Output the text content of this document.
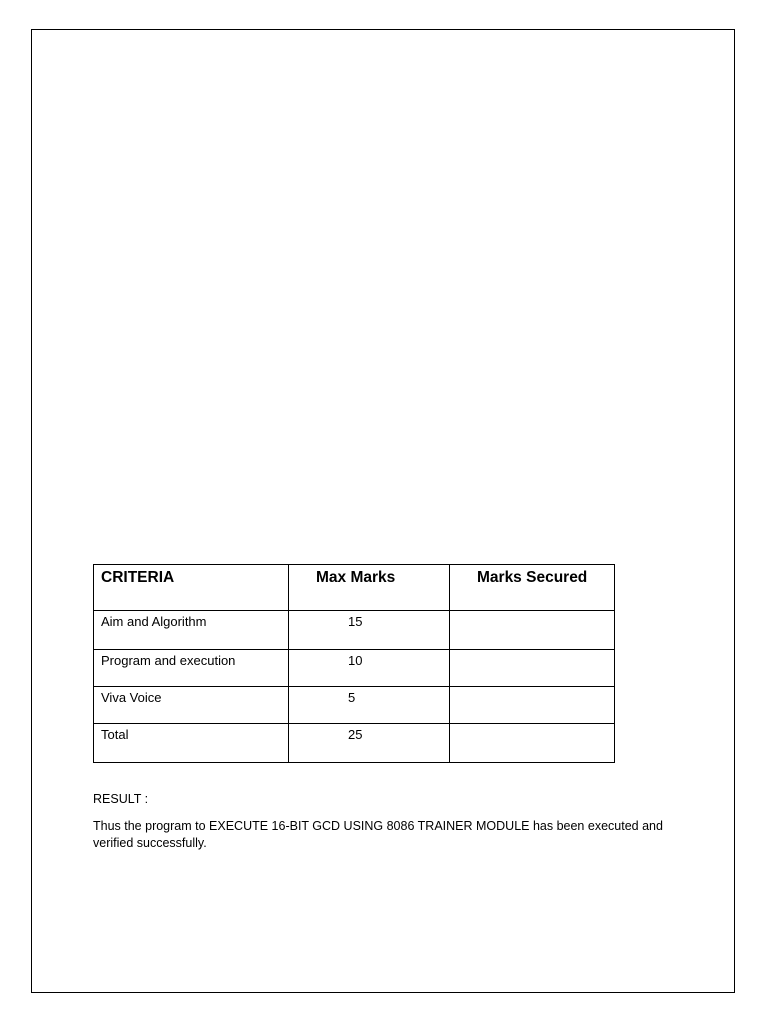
CRITERIA	Max Marks	Marks Secured
Aim and Algorithm	15	
Program and execution	10	
Viva Voice	5	
Total	25	
RESULT :
Thus the program to EXECUTE 16-BIT GCD USING 8086 TRAINER MODULE has been executed and verified successfully.
